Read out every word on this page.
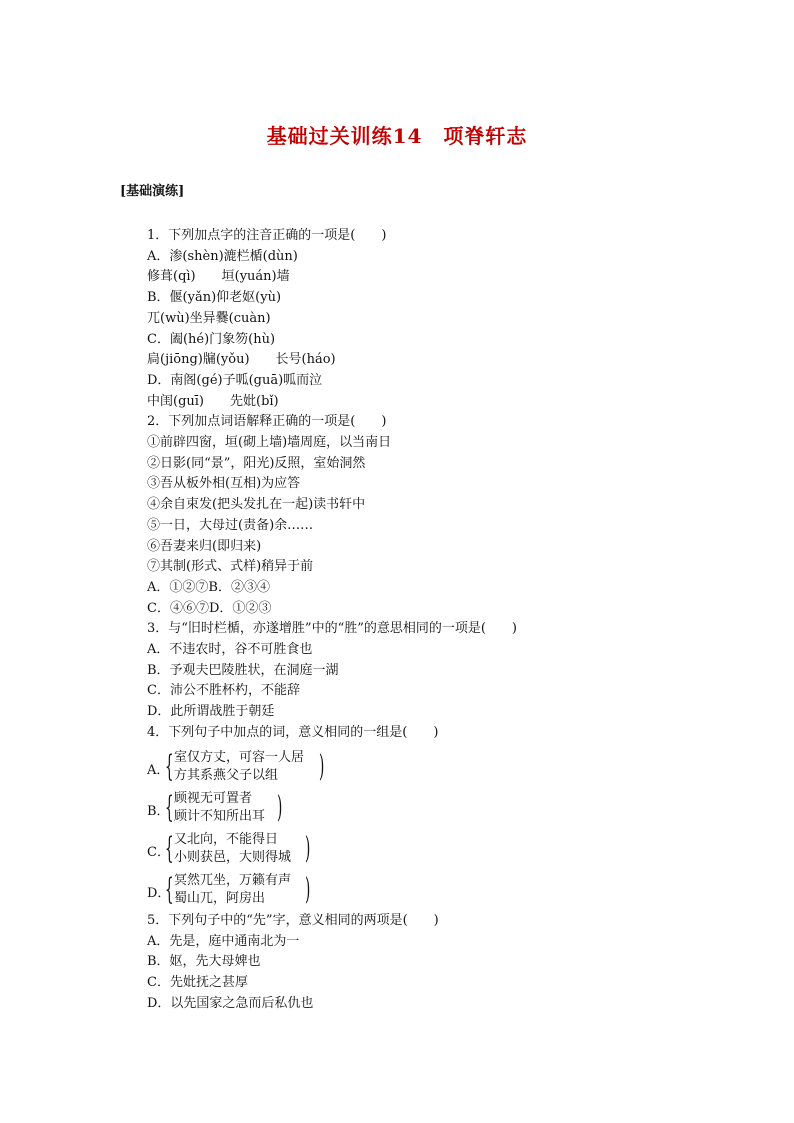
基础过关训练14　项脊轩志
[基础演练]
1．下列加点字的注音正确的一项是(　　)
A．渗(shèn)漉栏楯(dùn)
修葺(qì)　　垣(yuán)墙
B．偃(yǎn)仰老妪(yù)
兀(wù)坐异爨(cuàn)
C．阖(hé)门象笏(hù)
扃(jiōng)牖(yǒu)　　长号(háo)
D．南阁(gé)子呱(guā)呱而泣
中闺(guī)　　先妣(bǐ)
2．下列加点词语解释正确的一项是(　　)
①前辟四窗，垣(砌上墙)墙周庭，以当南日
②日影(同“景”，阳光)反照，室始洞然
③吾从板外相(互相)为应答
④余自束发(把头发扎在一起)读书轩中
⑤一日，大母过(责备)余……
⑥吾妻来归(即归来)
⑦其制(形式、式样)稍异于前
A．①②⑦B．②③④
C．④⑥⑦D．①②③
3．与“旧时栏楯，亦遂增胜”中的“胜”的意思相同的一项是(　　)
A．不违农时，谷不可胜食也
B．予观夫巴陵胜状，在洞庭一湖
C．沛公不胜杯杓，不能辞
D．此所谓战胜于朝廷
4．下列句子中加点的词，意义相同的一组是(　　)
A．
{ 室仅方丈，可容一人居
方其系燕父子以组 )
B．
{ 顾视无可置者
顾计不知所出耳 )
C．
{ 又北向，不能得日
小则获邑，大则得城 )
D．
{ 冥然兀坐，万籁有声
蜀山兀，阿房出 )
5．下列句子中的“先”字，意义相同的两项是(　　)
A．先是，庭中通南北为一
B．妪，先大母婢也
C．先妣抚之甚厚
D．以先国家之急而后私仇也
